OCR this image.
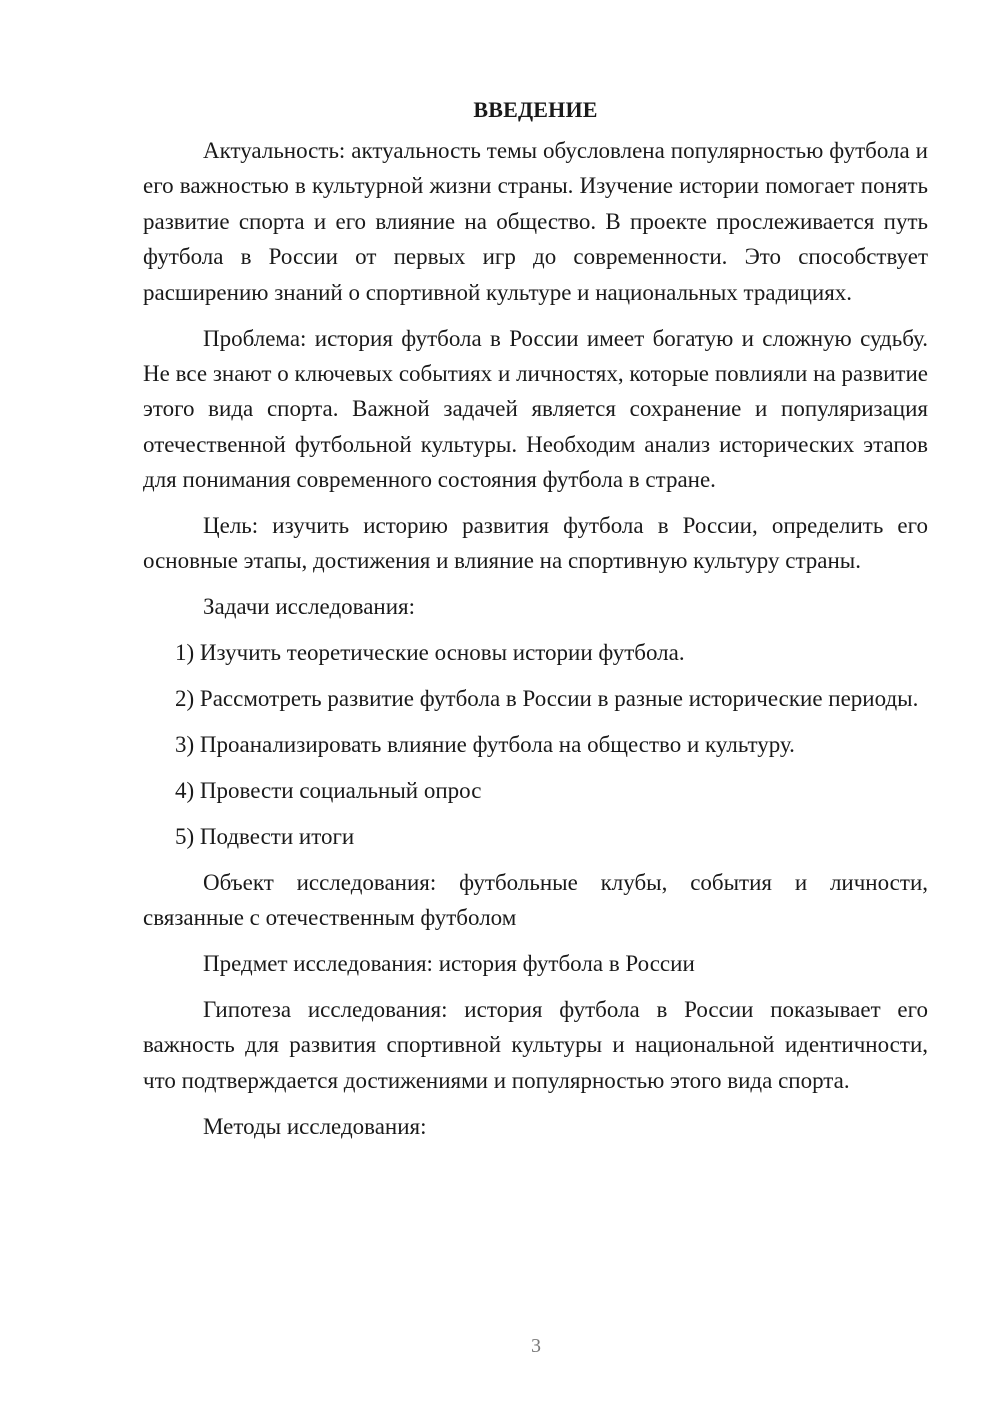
ВВЕДЕНИЕ

Актуальность: актуальность темы обусловлена популярностью футбола и его важностью в культурной жизни страны. Изучение истории помогает понять развитие спорта и его влияние на общество. В проекте прослеживается путь футбола в России от первых игр до современности. Это способствует расширению знаний о спортивной культуре и национальных традициях.

Проблема: история футбола в России имеет богатую и сложную судьбу. Не все знают о ключевых событиях и личностях, которые повлияли на развитие этого вида спорта. Важной задачей является сохранение и популяризация отечественной футбольной культуры. Необходим анализ исторических этапов для понимания современного состояния футбола в стране.

Цель: изучить историю развития футбола в России, определить его основные этапы, достижения и влияние на спортивную культуру страны.

Задачи исследования:

1) Изучить теоретические основы истории футбола.

2) Рассмотреть развитие футбола в России в разные исторические периоды.

3) Проанализировать влияние футбола на общество и культуру.

4) Провести социальный опрос

5) Подвести итоги

Объект исследования: футбольные клубы, события и личности, связанные с отечественным футболом

Предмет исследования: история футбола в России

Гипотеза исследования: история футбола в России показывает его важность для развития спортивной культуры и национальной идентичности, что подтверждается достижениями и популярностью этого вида спорта.

Методы исследования:

3
